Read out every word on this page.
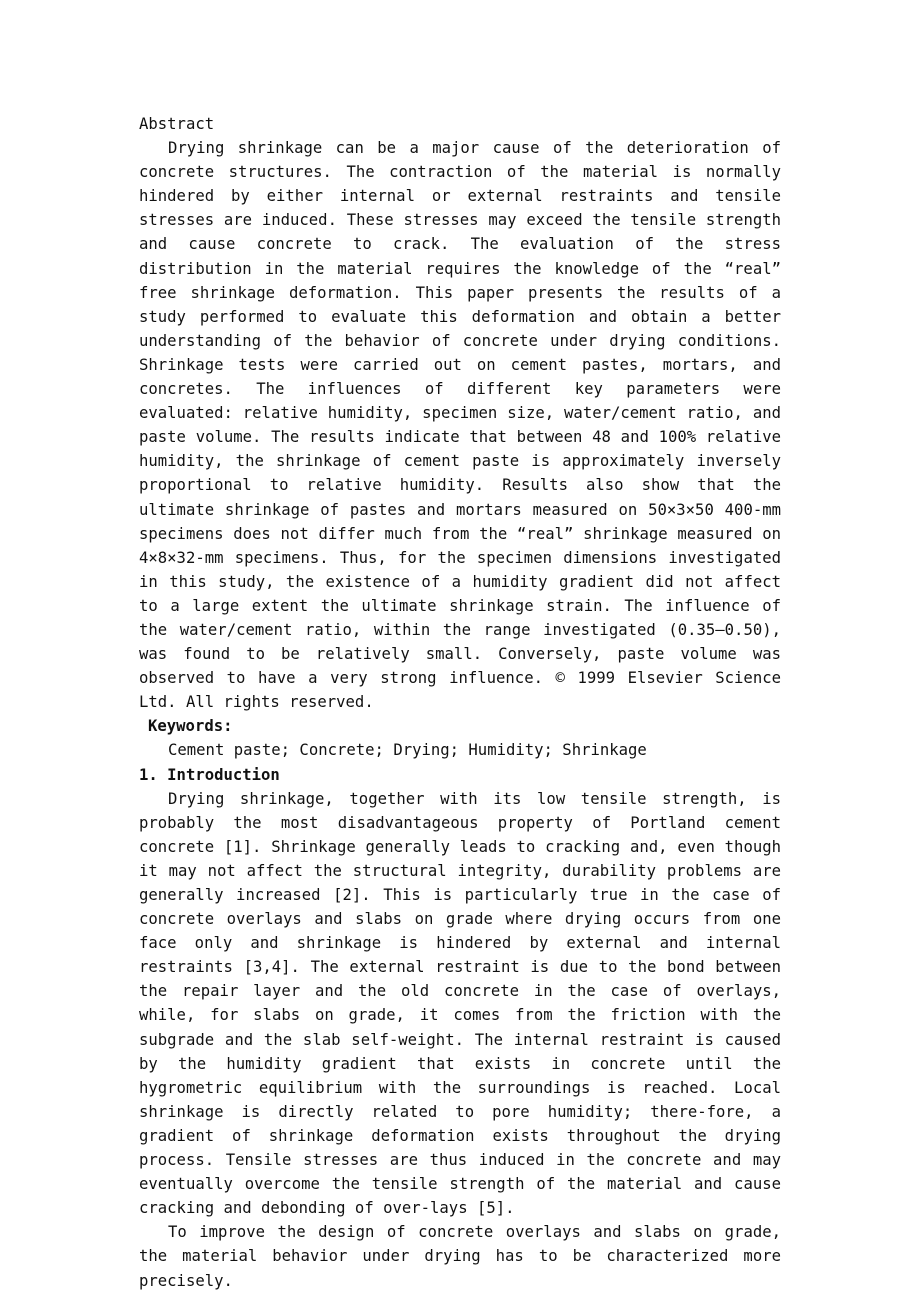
Abstract

Drying shrinkage can be a major cause of the deterioration of concrete structures. The contraction of the material is normally hindered by either internal or external restraints and tensile stresses are induced. These stresses may exceed the tensile strength and cause concrete to crack. The evaluation of the stress distribution in the material requires the knowledge of the “real” free shrinkage deformation. This paper presents the results of a study performed to evaluate this deformation and obtain a better understanding of the behavior of concrete under drying conditions. Shrinkage tests were carried out on cement pastes, mortars, and concretes. The influences of different key parameters were evaluated: relative humidity, specimen size, water/cement ratio, and paste volume. The results indicate that between 48 and 100% relative humidity, the shrinkage of cement paste is approximately inversely proportional to relative humidity. Results also show that the ultimate shrinkage of pastes and mortars measured on 50×3×50 400-mm specimens does not differ much from the “real” shrinkage measured on 4×8×32-mm specimens. Thus, for the specimen dimensions investigated in this study, the existence of a humidity gradient did not affect to a large extent the ultimate shrinkage strain. The influence of the water/cement ratio, within the range investigated (0.35–0.50), was found to be relatively small. Conversely, paste volume was observed to have a very strong influence. © 1999 Elsevier Science Ltd. All rights reserved.

Keywords:

Cement paste; Concrete; Drying; Humidity; Shrinkage

1. Introduction

Drying shrinkage, together with its low tensile strength, is probably the most disadvantageous property of Portland cement concrete [1]. Shrinkage generally leads to cracking and, even though it may not affect the structural integrity, durability problems are generally increased [2]. This is particularly true in the case of concrete overlays and slabs on grade where drying occurs from one face only and shrinkage is hindered by external and internal restraints [3,4]. The external restraint is due to the bond between the repair layer and the old concrete in the case of overlays, while, for slabs on grade, it comes from the friction with the subgrade and the slab self-weight. The internal restraint is caused by the humidity gradient that exists in concrete until the hygrometric equilibrium with the surroundings is reached. Local shrinkage is directly related to pore humidity; there-fore, a gradient of shrinkage deformation exists throughout the drying process. Tensile stresses are thus induced in the concrete and may eventually overcome the tensile strength of the material and cause cracking and debonding of over-lays [5].

To improve the design of concrete overlays and slabs on grade, the material behavior under drying has to be characterized more precisely.
